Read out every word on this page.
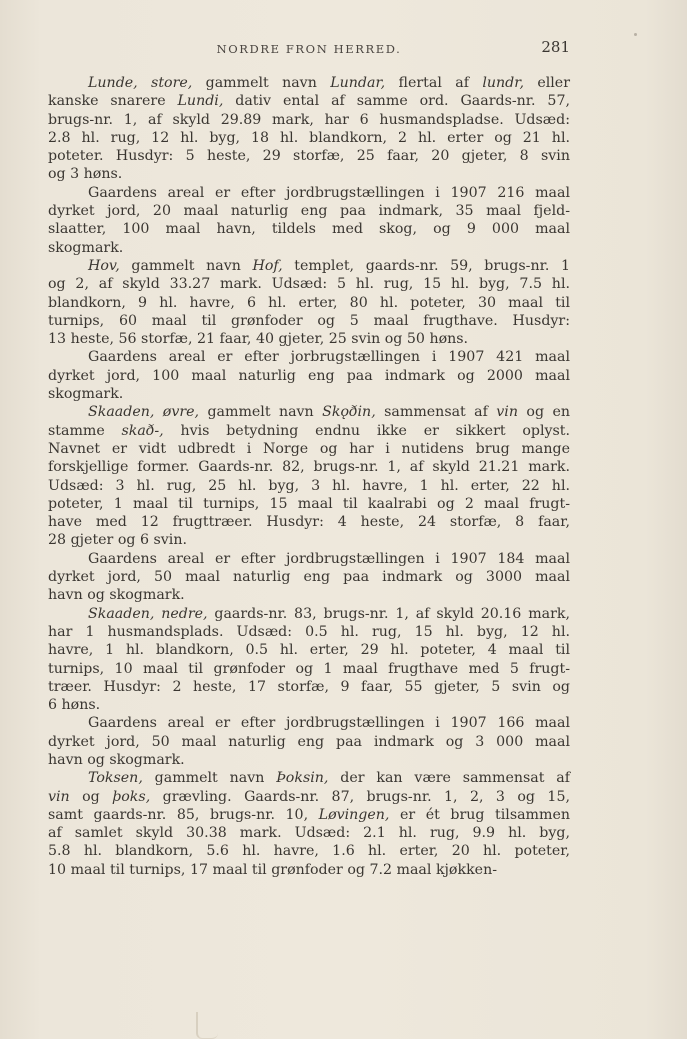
NORDRE FRON HERRED.	281
Lunde, store, gammelt navn Lundar, flertal af lundr, eller
kanske snarere Lundi, dativ ental af samme ord. Gaards-nr. 57,
brugs-nr. 1, af skyld 29.89 mark, har 6 husmandspladse. Udsæd:
2.8 hl. rug, 12 hl. byg, 18 hl. blandkorn, 2 hl. erter og 21 hl.
poteter. Husdyr: 5 heste, 29 storfæ, 25 faar, 20 gjeter, 8 svin
og 3 høns.
Gaardens areal er efter jordbrugstællingen i 1907 216 maal
dyrket jord, 20 maal naturlig eng paa indmark, 35 maal fjeld-
slaatter, 100 maal havn, tildels med skog, og 9 000 maal
skogmark.
Hov, gammelt navn Hof, templet, gaards-nr. 59, brugs-nr. 1
og 2, af skyld 33.27 mark. Udsæd: 5 hl. rug, 15 hl. byg, 7.5 hl.
blandkorn, 9 hl. havre, 6 hl. erter, 80 hl. poteter, 30 maal til
turnips, 60 maal til grønfoder og 5 maal frugthave. Husdyr:
13 heste, 56 storfæ, 21 faar, 40 gjeter, 25 svin og 50 høns.
Gaardens areal er efter jorbrugstællingen i 1907 421 maal
dyrket jord, 100 maal naturlig eng paa indmark og 2000 maal
skogmark.
Skaaden, øvre, gammelt navn Skǫðin, sammensat af vin og en
stamme skað-, hvis betydning endnu ikke er sikkert oplyst.
Navnet er vidt udbredt i Norge og har i nutidens brug mange
forskjellige former. Gaards-nr. 82, brugs-nr. 1, af skyld 21.21 mark.
Udsæd: 3 hl. rug, 25 hl. byg, 3 hl. havre, 1 hl. erter, 22 hl.
poteter, 1 maal til turnips, 15 maal til kaalrabi og 2 maal frugt-
have med 12 frugttræer. Husdyr: 4 heste, 24 storfæ, 8 faar,
28 gjeter og 6 svin.
Gaardens areal er efter jordbrugstællingen i 1907 184 maal
dyrket jord, 50 maal naturlig eng paa indmark og 3000 maal
havn og skogmark.
Skaaden, nedre, gaards-nr. 83, brugs-nr. 1, af skyld 20.16 mark,
har 1 husmandsplads. Udsæd: 0.5 hl. rug, 15 hl. byg, 12 hl.
havre, 1 hl. blandkorn, 0.5 hl. erter, 29 hl. poteter, 4 maal til
turnips, 10 maal til grønfoder og 1 maal frugthave med 5 frugt-
træer. Husdyr: 2 heste, 17 storfæ, 9 faar, 55 gjeter, 5 svin og
6 høns.
Gaardens areal er efter jordbrugstællingen i 1907 166 maal
dyrket jord, 50 maal naturlig eng paa indmark og 3 000 maal
havn og skogmark.
Toksen, gammelt navn Þoksin, der kan være sammensat af
vin og þoks, grævling. Gaards-nr. 87, brugs-nr. 1, 2, 3 og 15,
samt gaards-nr. 85, brugs-nr. 10, Løvingen, er ét brug tilsammen
af samlet skyld 30.38 mark. Udsæd: 2.1 hl. rug, 9.9 hl. byg,
5.8 hl. blandkorn, 5.6 hl. havre, 1.6 hl. erter, 20 hl. poteter,
10 maal til turnips, 17 maal til grønfoder og 7.2 maal kjøkken-
